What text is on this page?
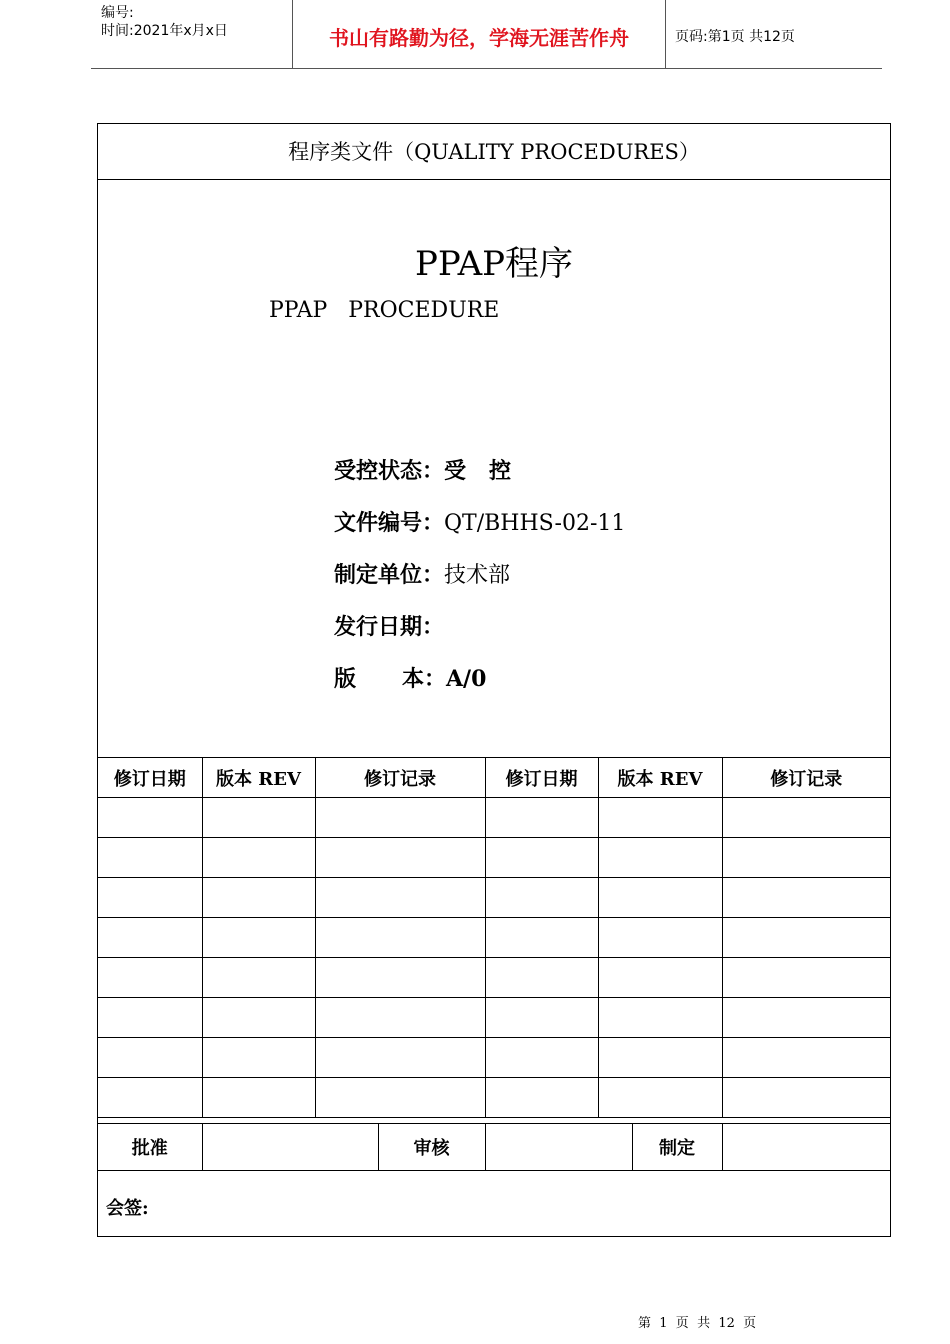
编号:
时间:2021年x月x日	书山有路勤为径，学海无涯苦作舟	页码:第1页 共12页
程序类文件（QUALITY PROCEDURES）
PPAP程序
PPAP   PROCEDURE
受控状态：受   控
文件编号：QT/BHHS-02-11
制定单位：技术部
发行日期：
版      本：A/0
修订日期	版本 REV	修订记录	修订日期	版本 REV	修订记录

批准		审核		制定	
会签:
第  1  页  共  12  页
